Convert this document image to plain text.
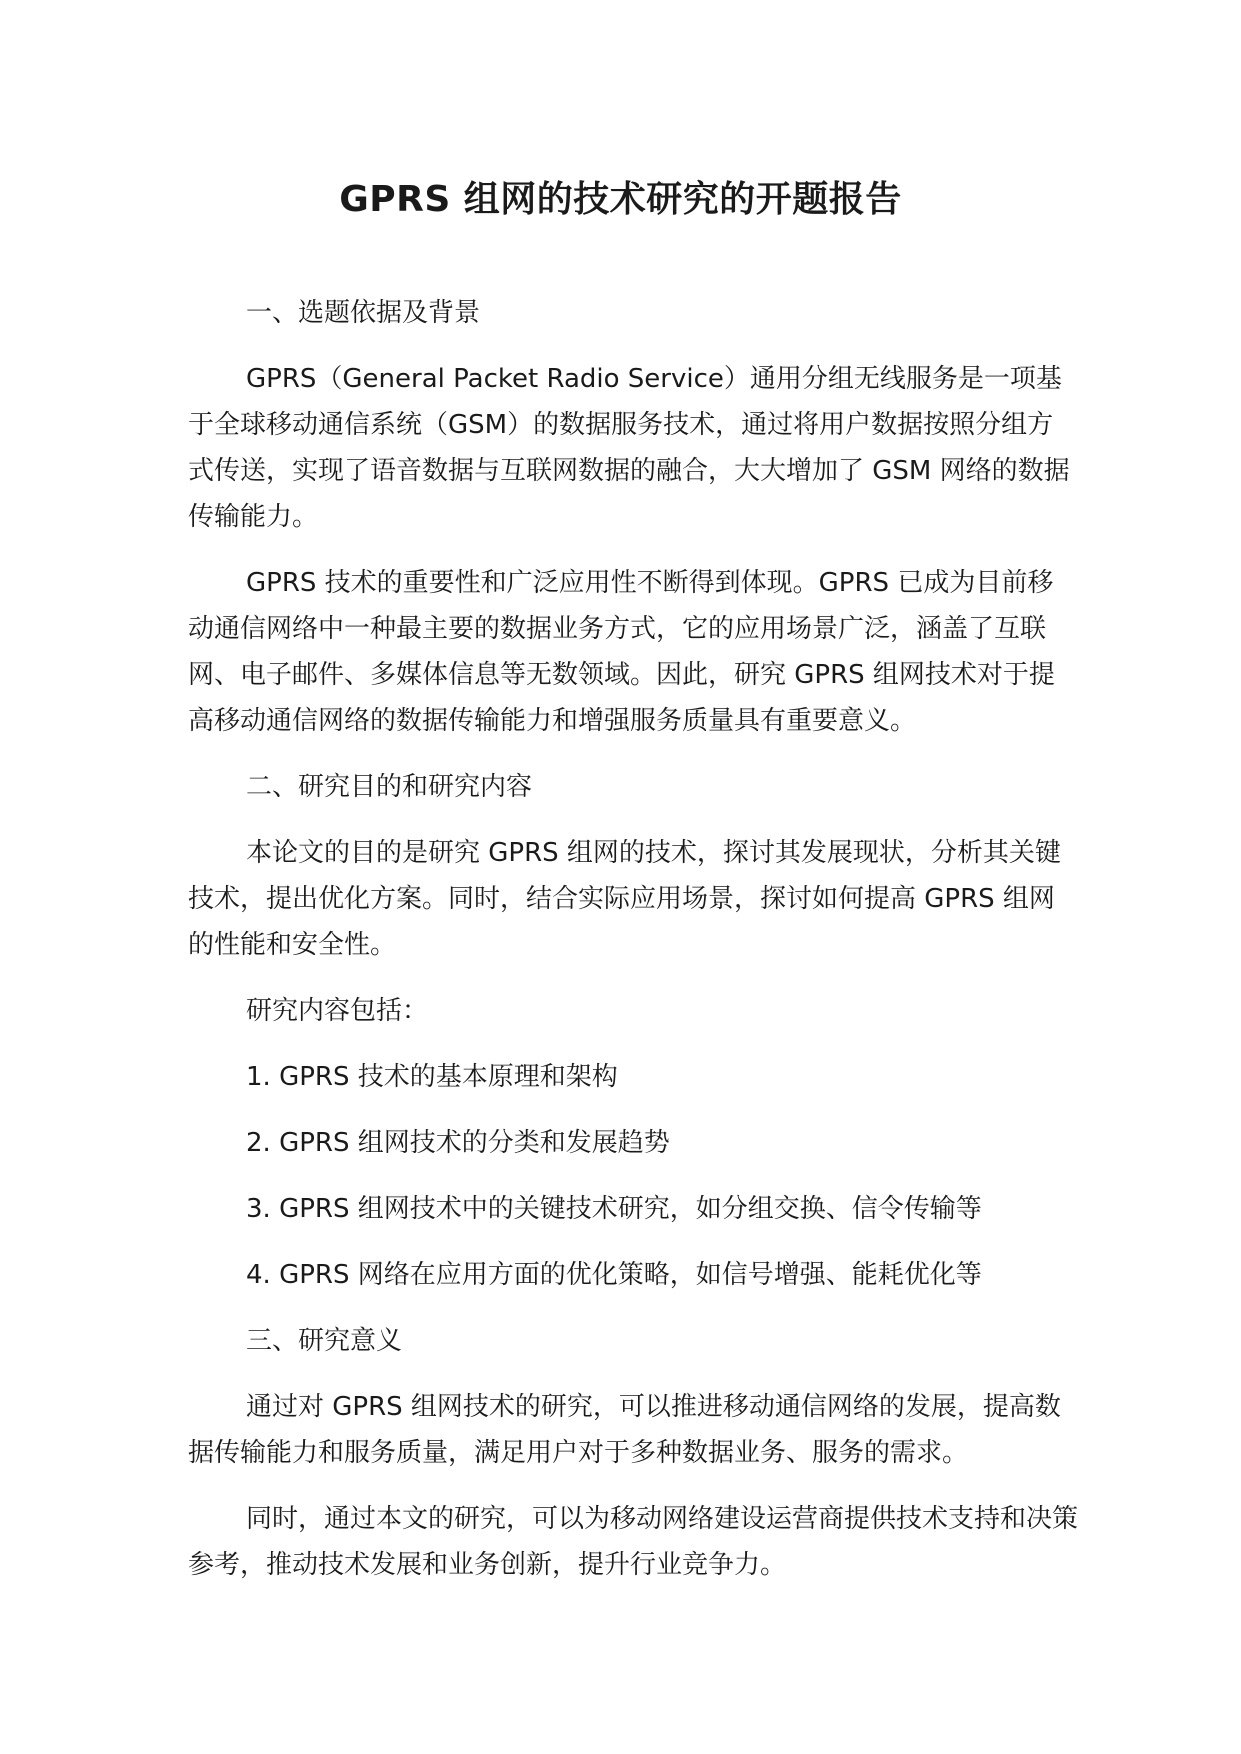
GPRS 组网的技术研究的开题报告

一、选题依据及背景

GPRS（General Packet Radio Service）通用分组无线服务是一项基于全球移动通信系统（GSM）的数据服务技术，通过将用户数据按照分组方式传送，实现了语音数据与互联网数据的融合，大大增加了 GSM 网络的数据传输能力。

GPRS 技术的重要性和广泛应用性不断得到体现。GPRS 已成为目前移动通信网络中一种最主要的数据业务方式，它的应用场景广泛，涵盖了互联网、电子邮件、多媒体信息等无数领域。因此，研究 GPRS 组网技术对于提高移动通信网络的数据传输能力和增强服务质量具有重要意义。

二、研究目的和研究内容

本论文的目的是研究 GPRS 组网的技术，探讨其发展现状，分析其关键技术，提出优化方案。同时，结合实际应用场景，探讨如何提高 GPRS 组网的性能和安全性。

研究内容包括：

1. GPRS 技术的基本原理和架构

2. GPRS 组网技术的分类和发展趋势

3. GPRS 组网技术中的关键技术研究，如分组交换、信令传输等

4. GPRS 网络在应用方面的优化策略，如信号增强、能耗优化等

三、研究意义

通过对 GPRS 组网技术的研究，可以推进移动通信网络的发展，提高数据传输能力和服务质量，满足用户对于多种数据业务、服务的需求。

同时，通过本文的研究，可以为移动网络建设运营商提供技术支持和决策参考，推动技术发展和业务创新，提升行业竞争力。
